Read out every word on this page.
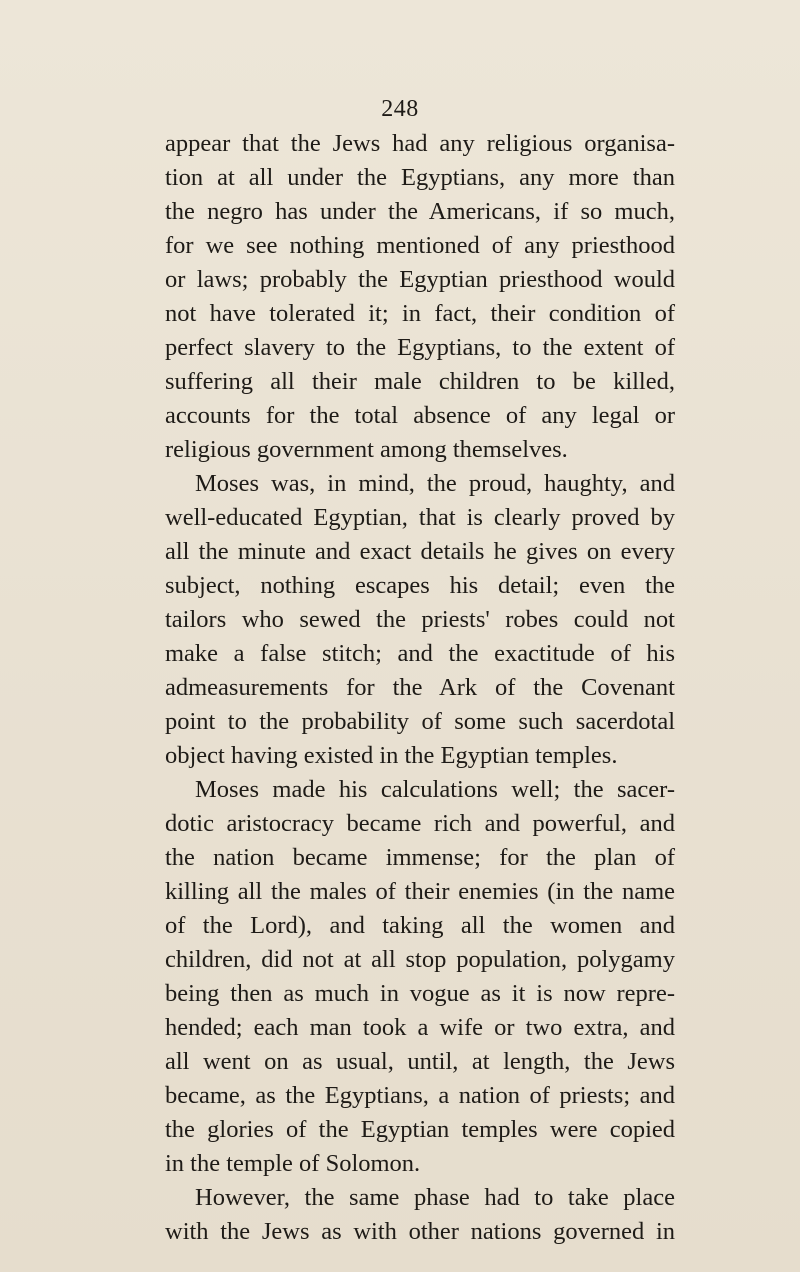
248
appear that the Jews had any religious organisa-
tion at all under the Egyptians, any more than
the negro has under the Americans, if so much,
for we see nothing mentioned of any priesthood
or laws; probably the Egyptian priesthood would
not have tolerated it; in fact, their condition of
perfect slavery to the Egyptians, to the extent of
suffering all their male children to be killed,
accounts for the total absence of any legal or
religious government among themselves.
Moses was, in mind, the proud, haughty, and
well-educated Egyptian, that is clearly proved by
all the minute and exact details he gives on every
subject, nothing escapes his detail; even the
tailors who sewed the priests' robes could not
make a false stitch; and the exactitude of his
admeasurements for the Ark of the Covenant
point to the probability of some such sacerdotal
object having existed in the Egyptian temples.
Moses made his calculations well; the sacer-
dotic aristocracy became rich and powerful, and
the nation became immense; for the plan of
killing all the males of their enemies (in the name
of the Lord), and taking all the women and
children, did not at all stop population, polygamy
being then as much in vogue as it is now repre-
hended; each man took a wife or two extra, and
all went on as usual, until, at length, the Jews
became, as the Egyptians, a nation of priests; and
the glories of the Egyptian temples were copied
in the temple of Solomon.
However, the same phase had to take place
with the Jews as with other nations governed in
